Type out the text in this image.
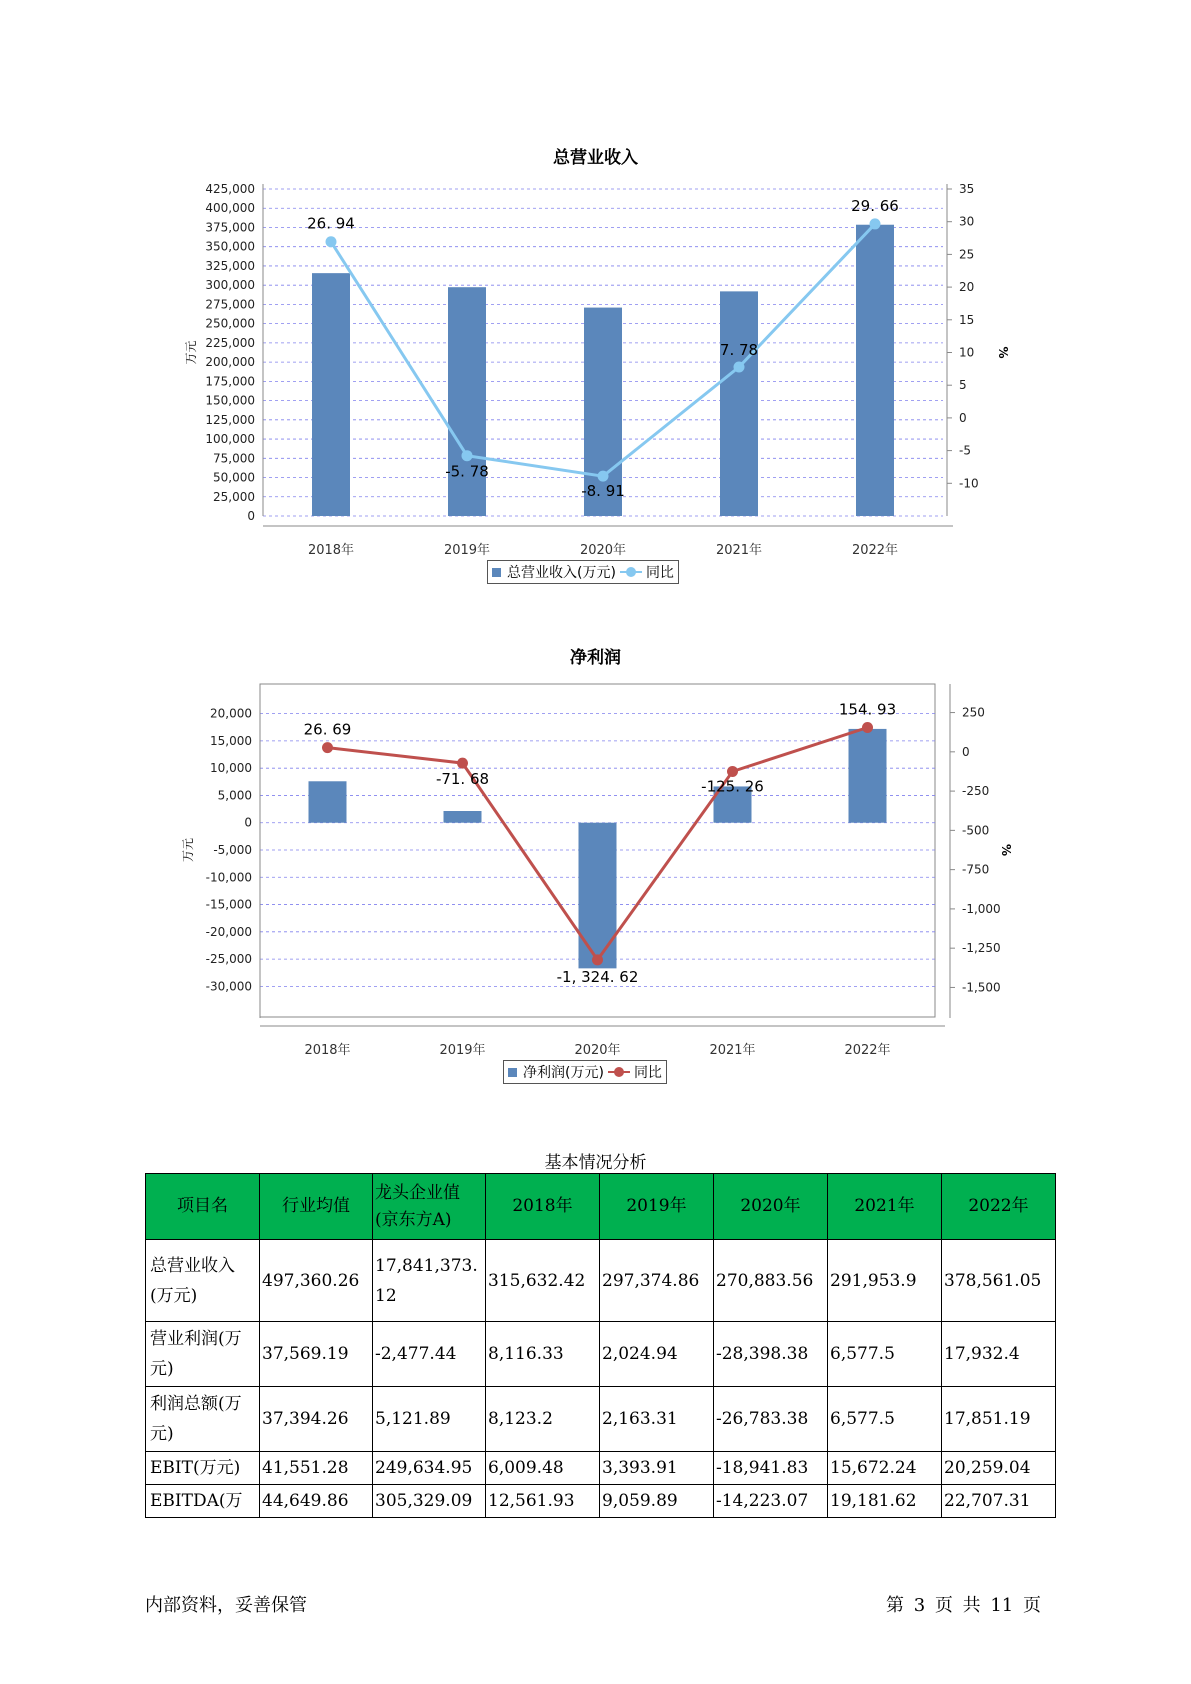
总营业收入
0
25,000
50,000
75,000
100,000
125,000
150,000
175,000
200,000
225,000
250,000
275,000
300,000
325,000
350,000
375,000
400,000
425,000
-10
-5
0
5
10
15
20
25
30
35
万元	%
2018年	2019年	2020年	2021年	2022年
26. 94
-5. 78
-8. 91
7. 78
29. 66
总营业收入(万元) 同比
净利润
-30,000
-25,000
-20,000
-15,000
-10,000
-5,000
0
5,000
10,000
15,000
20,000
-1,500
-1,250
-1,000
-750
-500
-250
0
250
万元	%
2018年	2019年	2020年	2021年	2022年
26. 69
-71. 68
-1, 324. 62
-125. 26
154. 93
净利润(万元) 同比
基本情况分析
项目名	行业均值	龙头企业值(京东方A)	2018年	2019年	2020年	2021年	2022年
总营业收入(万元)	497,360.26	17,841,373.12	315,632.42	297,374.86	270,883.56	291,953.9	378,561.05
营业利润(万元)	37,569.19	-2,477.44	8,116.33	2,024.94	-28,398.38	6,577.5	17,932.4
利润总额(万元)	37,394.26	5,121.89	8,123.2	2,163.31	-26,783.38	6,577.5	17,851.19
EBIT(万元)	41,551.28	249,634.95	6,009.48	3,393.91	-18,941.83	15,672.24	20,259.04
EBITDA(万	44,649.86	305,329.09	12,561.93	9,059.89	-14,223.07	19,181.62	22,707.31
内部资料，妥善保管	第 3 页 共 11 页
